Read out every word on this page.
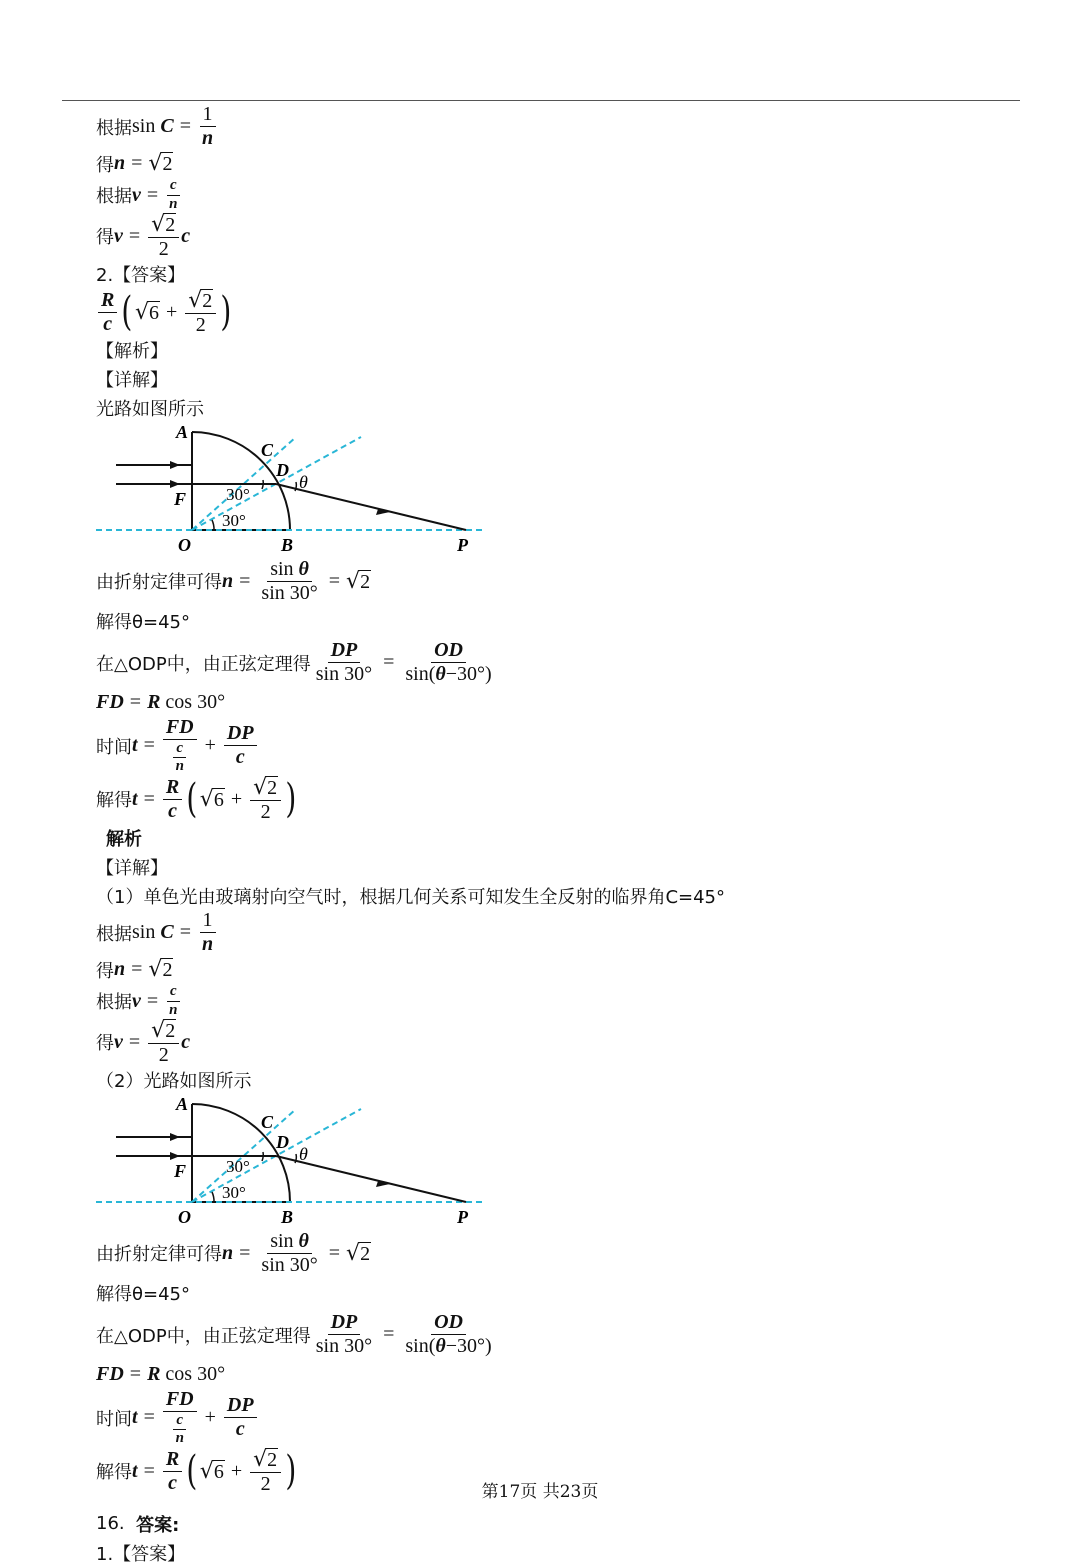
根据 $\sin C = \frac{1}{n}$
得 n = √ 2
根据 $v = \frac{c}{n}$
得 $v = \frac{√ 2}{2}$ c
2.【答案】
$\frac{R}{c}$ ( √ $6 + \frac{√ 2}{2}$ )
【解析】
【详解】
光路如图所示
A
C
D
θ
F 30°
30°
O	B	P
由折射定律可得 $n = \frac{\text{sin θ}}{\sin 30^\circ}$ = √ 2
解得θ=45°
在△ODP中，由正弦定理得 $\frac{DP}{\sin 30^\circ} = \frac{OD}{\sin(\theta-30^\circ)}$
FD = R cos 30°
时间 $t = \frac{FD}{\frac{c}{n}} + \frac{DP}{c}$
解得 $t = \frac{R}{c}$ ( √ $6 + \frac{√ 2}{2}$ )
解析
【详解】
（1）单色光由玻璃射向空气时，根据几何关系可知发生全反射的临界角C=45°
根据 $\sin C = \frac{1}{n}$
得 n = √ 2
根据 $v = \frac{c}{n}$
得 $v = \frac{√ 2}{2}$ c
（2）光路如图所示
A
C
D
θ
F 30°
30°
O	B	P
由折射定律可得 $n = \frac{\text{sin θ}}{\sin 30^\circ}$ = √ 2
解得θ=45°
在△ODP中，由正弦定理得 $\frac{DP}{\sin 30^\circ} = \frac{OD}{\sin(\theta-30^\circ)}$
FD = R cos 30°
时间 $t = \frac{FD}{\frac{c}{n}} + \frac{DP}{c}$
解得 $t = \frac{R}{c}$ ( √ $6 + \frac{√ 2}{2}$ )
16.
答案:
1.【答案】
第17页 共23页
